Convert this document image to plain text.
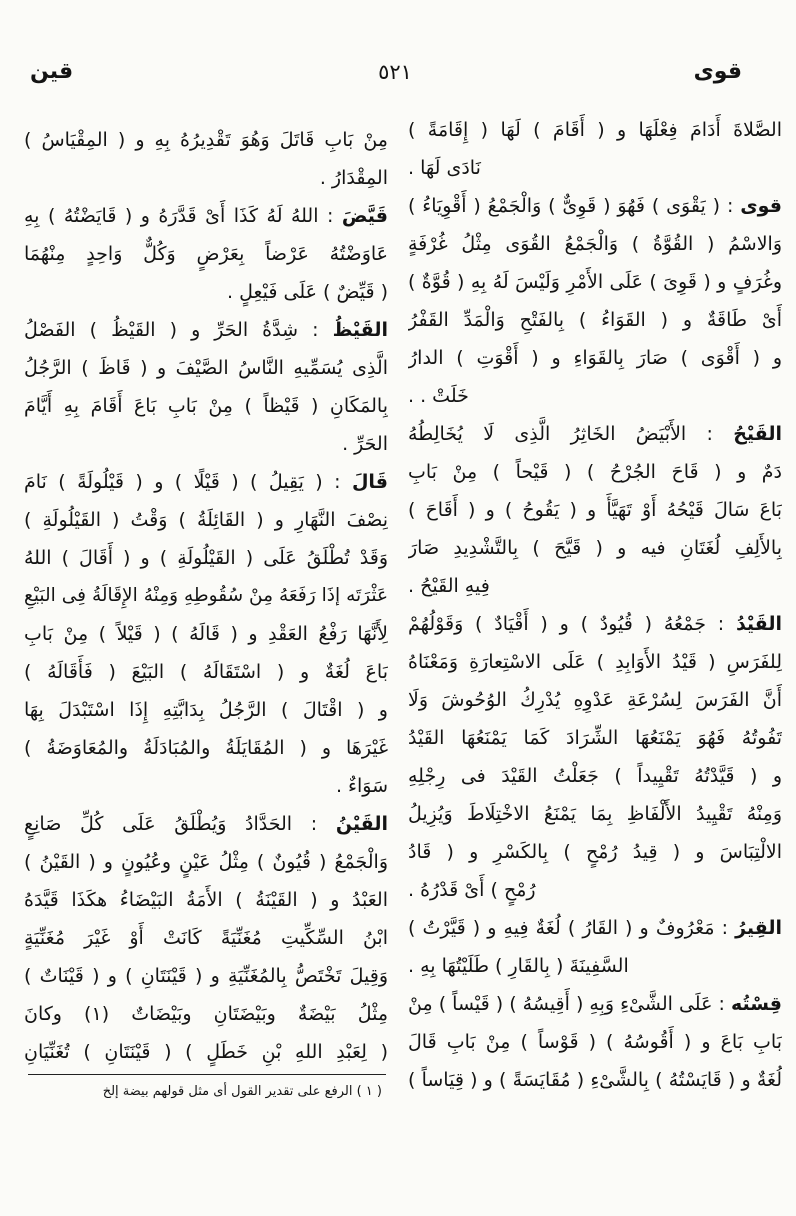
قوى
٥٢١
قين
الصَّلاةَ أَدَامَ فِعْلَهَا و ( أَقَامَ ) لَهَا ( إِقَامَةً )
نَادَى لَهَا .
قوى : ( يَقْوَى ) فَهُوَ ( قَوِىٌّ ) وَالْجَمْعُ ( أَقْوِيَاءُ )
وَالاسْمُ ( القُوَّةُ ) وَالْجَمْعُ القُوَى مِثْلُ غُرْفَةٍ
وغُرَفٍ و ( قَوِىَ ) عَلَى الأَمْرِ وَلَيْسَ لَهُ بِهِ ( قُوَّةٌ )
أَىْ طَاقَةٌ و ( القَوَاءُ ) بِالفَتْحِ وَالْمَدِّ القَفْرُ
و ( أَقْوَى ) صَارَ بِالقَوَاءِ و ( أَقْوَتِ ) الدارُ
خَلَتْ . .
القَيْحُ : الأَبْيَضُ الخَاثِرُ الَّذِى لَا يُخَالِطُهُ
دَمٌ و ( قَاحَ الجُرْحُ ) ( قَيْحاً ) مِنْ بَابِ
بَاعَ سَالَ قَيْحُهُ أَوْ تَهَيَّأَ و ( يَقُوحُ ) و ( أَقَاحَ )
بِالأَلِفِ لُغَتَانِ فيه و ( قَيَّحَ ) بِالتَّشْدِيدِ صَارَ
فِيهِ القَيْحُ .
القَيْدُ : جَمْعُهُ ( قُيُودٌ ) و ( أَقْيَادٌ ) وَقَوْلُهُمْ
لِلفَرَسِ ( قَيْدُ الأَوَابِدِ ) عَلَى الاسْتِعارَةِ وَمَعْنَاهُ
أَنَّ الفَرَسَ لِسُرْعَةِ عَدْوِهِ يُدْرِكُ الوُحُوشَ وَلَا
تَفُوتُهُ فَهُوَ يَمْنَعُهَا الشِّرَادَ كَمَا يَمْنَعُهَا القَيْدُ
و ( قَيَّدْتُهُ تَقْيِيداً ) جَعَلْتُ القَيْدَ فى رِجْلِهِ
وَمِنْهُ تَقْيِيدُ الأَلْفَاظِ بِمَا يَمْنَعُ الاخْتِلَاطَ وَيُزِيلُ
الالْتِبَاسَ و ( قِيدُ رُمْحٍ ) بِالكَسْرِ و ( قَادُ
رُمْحٍ ) أَىْ قَدْرُهُ .
القِيرُ : مَعْرُوفٌ و ( القَارُ ) لُغَةٌ فِيهِ و ( قَيَّرْتُ )
السَّفِينَةَ ( بِالقَارِ ) طَلَيْتُهَا بِهِ .
قِسْتُه : عَلَى الشَّىْءِ وَبِهِ ( أَقِيسُهُ ) ( قَيْساً ) مِنْ
بَابِ بَاعَ و ( أَقُوسُهُ ) ( قَوْساً ) مِنْ بَابِ قَالَ
لُغَةٌ و ( قَايَسْتُهُ ) بِالشَّىْءِ ( مُقَايَسَةً ) و ( قِيَاساً )
مِنْ بَابِ قَاتَلَ وَهُوَ تَقْدِيرُهُ بِهِ و ( المِقْيَاسُ )
المِقْدَارُ .
قَيَّضَ : اللهُ لَهُ كَذَا أَىْ قَدَّرَهُ و ( قَايَضْتُهُ ) بِهِ
عَاوَضْتُهُ عَرْضاً بِعَرْضٍ وَكُلٌّ وَاحِدٍ مِنْهُمَا
( قَيِّضٌ ) عَلَى فَيْعِلٍ .
القَيْظُ : شِدَّةُ الحَرِّ و ( القَيْظُ ) الفَصْلُ
الَّذِى يُسَمِّيهِ النَّاسُ الصَّيْفَ و ( قَاظَ ) الرَّجُلُ
بِالمَكَانِ ( قَيْظاً ) مِنْ بَابِ بَاعَ أَقَامَ بِهِ أَيَّامَ
الحَرِّ .
قَالَ : ( يَقِيلُ ) ( قَيْلًا ) و ( قَيْلُولَةً ) نَامَ
نِصْفَ النَّهَارِ و ( القَائِلَةُ ) وَقْتُ ( القَيْلُولَةِ )
وَقَدْ تُطْلَقُ عَلَى ( القَيْلُولَةِ ) و ( أَقَالَ ) اللهُ
عَثْرَتَه إذَا رَفَعَهُ مِنْ سُقُوطِهِ وَمِنْهُ الإِقَالَةُ فِى البَيْعِ
لِأَنَّهَا رَفْعُ العَقْدِ و ( قَالَهُ ) ( قَيْلاً ) مِنْ بَابِ
بَاعَ لُغَةٌ و ( اسْتَقَالَهُ ) البَيْعَ ( فَأَقَالَهُ )
و ( اقْتَالَ ) الرَّجُلُ بِدَابَّتِهِ إِذَا اسْتَبْدَلَ بِهَا
غَيْرَهَا و ( المُقَايَلَةُ والمُبَادَلَةُ والمُعَاوَضَةُ )
سَوَاءٌ .
القَيْنُ : الحَدَّادُ وَيُطْلَقُ عَلَى كُلِّ صَانِعٍ
وَالْجَمْعُ ( قُيُونٌ ) مِثْلُ عَيْنٍ وعُيُونٍ و ( القَيْنُ )
العَبْدُ و ( القَيْنَةُ ) الأَمَةُ البَيْضَاءُ هكَذَا قَيَّدَهُ
ابْنُ السِّكِّيتِ مُغَنِّيَةً كَانَتْ أَوْ غَيْرَ مُغَنِّيَةٍ
وَقِيلَ تَخْتَصُّ بِالمُغَنِّيَةِ و ( قَيْنَتَانِ ) و ( قَيْنَاتٌ )
مِثْلُ بَيْضَةٌ وبَيْضَتَانِ وبَيْضَاتٌ (١) وكانَ
( لِعَبْدِ اللهِ بْنِ خَطَلٍ ) ( قَيْنَتَانِ ) تُغَنِّيَانِ
( ١ ) الرفع على تقدير القول أى مثل قولهم بيضة إلخ
